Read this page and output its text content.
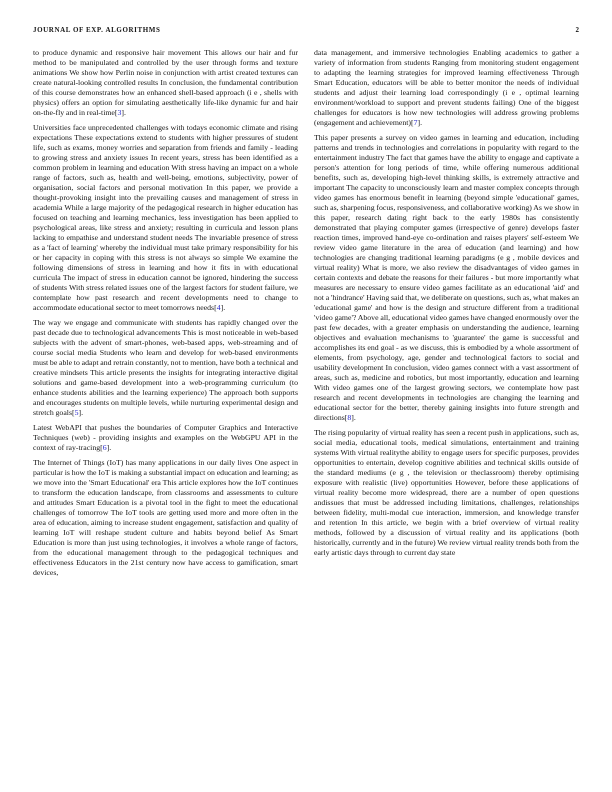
JOURNAL OF EXP. ALGORITHMS	2

to produce dynamic and responsive hair movement This allows our hair and fur method to be manipulated and controlled by the user through forms and texture animations We show how Perlin noise in conjunction with artist created textures can create natural-looking controlled results In conclusion, the fundamental contribution of this course demonstrates how an enhanced shell-based approach (i e , shells with physics) offers an option for simulating aesthetically life-like dynamic fur and hair on-the-fly and in real-time[3].

Universities face unprecedented challenges with todays economic climate and rising expectations These expectations extend to students with higher pressures of student life, such as exams, money worries and separation from friends and family - leading to growing stress and anxiety issues In recent years, stress has been identified as a common problem in learning and education With stress having an impact on a whole range of factors, such as, health and well-being, emotions, subjectivity, power of organisation, social factors and personal motivation In this paper, we provide a thought-provoking insight into the prevailing causes and management of stress in academia While a large majority of the pedagogical research in higher education has focused on teaching and learning mechanics, less investigation has been applied to psychological areas, like stress and anxiety; resulting in curricula and lesson plans lacking to empathise and understand student needs The invariable presence of stress as a 'fact of learning' whereby the individual must take primary responsibility for his or her capacity in coping with this stress is not always so simple We examine the following dimensions of stress in learning and how it fits in with educational curricula The impact of stress in education cannot be ignored, hindering the success of students With stress related issues one of the largest factors for student failure, we contemplate how past research and recent developments need to change to accommodate educational sector to meet tomorrows needs[4].

The way we engage and communicate with students has rapidly changed over the past decade due to technological advancements This is most noticeable in web-based subjects with the advent of smart-phones, web-based apps, web-streaming and of course social media Students who learn and develop for web-based environments must be able to adapt and retrain constantly, not to mention, have both a technical and creative mindsets This article presents the insights for integrating interactive digital solutions and game-based development into a web-programming curriculum (to enhance students abilities and the learning experience) The approach both supports and encourages students on multiple levels, while nurturing experimental design and stretch goals[5].

Latest WebAPI that pushes the boundaries of Computer Graphics and Interactive Techniques (web) - providing insights and examples on the WebGPU API in the context of ray-tracing[6].

The Internet of Things (IoT) has many applications in our daily lives One aspect in particular is how the IoT is making a substantial impact on education and learning; as we move into the 'Smart Educational' era This article explores how the IoT continues to transform the education landscape, from classrooms and assessments to culture and attitudes Smart Education is a pivotal tool in the fight to meet the educational challenges of tomorrow The IoT tools are getting used more and more often in the area of education, aiming to increase student engagement, satisfaction and quality of learning IoT will reshape student culture and habits beyond belief As Smart Education is more than just using technologies, it involves a whole range of factors, from the educational management through to the pedagogical techniques and effectiveness Educators in the 21st century now have access to gamification, smart devices,

data management, and immersive technologies Enabling academics to gather a variety of information from students Ranging from monitoring student engagement to adapting the learning strategies for improved learning effectiveness Through Smart Education, educators will be able to better monitor the needs of individual students and adjust their learning load correspondingly (i e , optimal learning environment/workload to support and prevent students failing) One of the biggest challenges for educators is how new technologies will address growing problems (engagement and achievement)[7].

This paper presents a survey on video games in learning and education, including patterns and trends in technologies and correlations in popularity with regard to the entertainment industry The fact that games have the ability to engage and captivate a person's attention for long periods of time, while offering numerous additional benefits, such as, developing high-level thinking skills, is extremely attractive and important The capacity to unconsciously learn and master complex concepts through video games has enormous benefit in learning (beyond simple 'educational' games, such as, sharpening focus, responsiveness, and collaborative working) As we show in this paper, research dating right back to the early 1980s has consistently demonstrated that playing computer games (irrespective of genre) develops faster reaction times, improved hand-eye co-ordination and raises players' self-esteem We review video game literature in the area of education (and learning) and how technologies are changing traditional learning paradigms (e g , mobile devices and virtual reality) What is more, we also review the disadvantages of video games in certain contexts and debate the reasons for their failures - but more importantly what measures are necessary to ensure video games facilitate as an educational 'aid' and not a 'hindrance' Having said that, we deliberate on questions, such as, what makes an 'educational game' and how is the design and structure different from a traditional 'video game'? Above all, educational video games have changed enormously over the past few decades, with a greater emphasis on understanding the audience, learning objectives and evaluation mechanisms to 'guarantee' the game is successful and accomplishes its end goal - as we discuss, this is embodied by a whole assortment of elements, from psychology, age, gender and technological factors to social and usability development In conclusion, video games connect with a vast assortment of areas, such as, medicine and robotics, but most importantly, education and learning With video games one of the largest growing sectors, we contemplate how past research and recent developments in technologies are changing the learning and educational sector for the better, thereby gaining insights into future strength and directions[8].

The rising popularity of virtual reality has seen a recent push in applications, such as, social media, educational tools, medical simulations, entertainment and training systems With virtual realitythe ability to engage users for specific purposes, provides opportunities to entertain, develop cognitive abilities and technical skills outside of the standard mediums (e g , the television or theclassroom) thereby optimising exposure with realistic (live) opportunities However, before these applications of virtual reality become more widespread, there are a number of open questions andissues that must be addressed including limitations, challenges, relationships between fidelity, multi-modal cue interaction, immersion, and knowledge transfer and retention In this article, we begin with a brief overview of virtual reality methods, followed by a discussion of virtual reality and its applications (both historically, currently and in the future) We review virtual reality trends both from the early artistic days through to current day state
